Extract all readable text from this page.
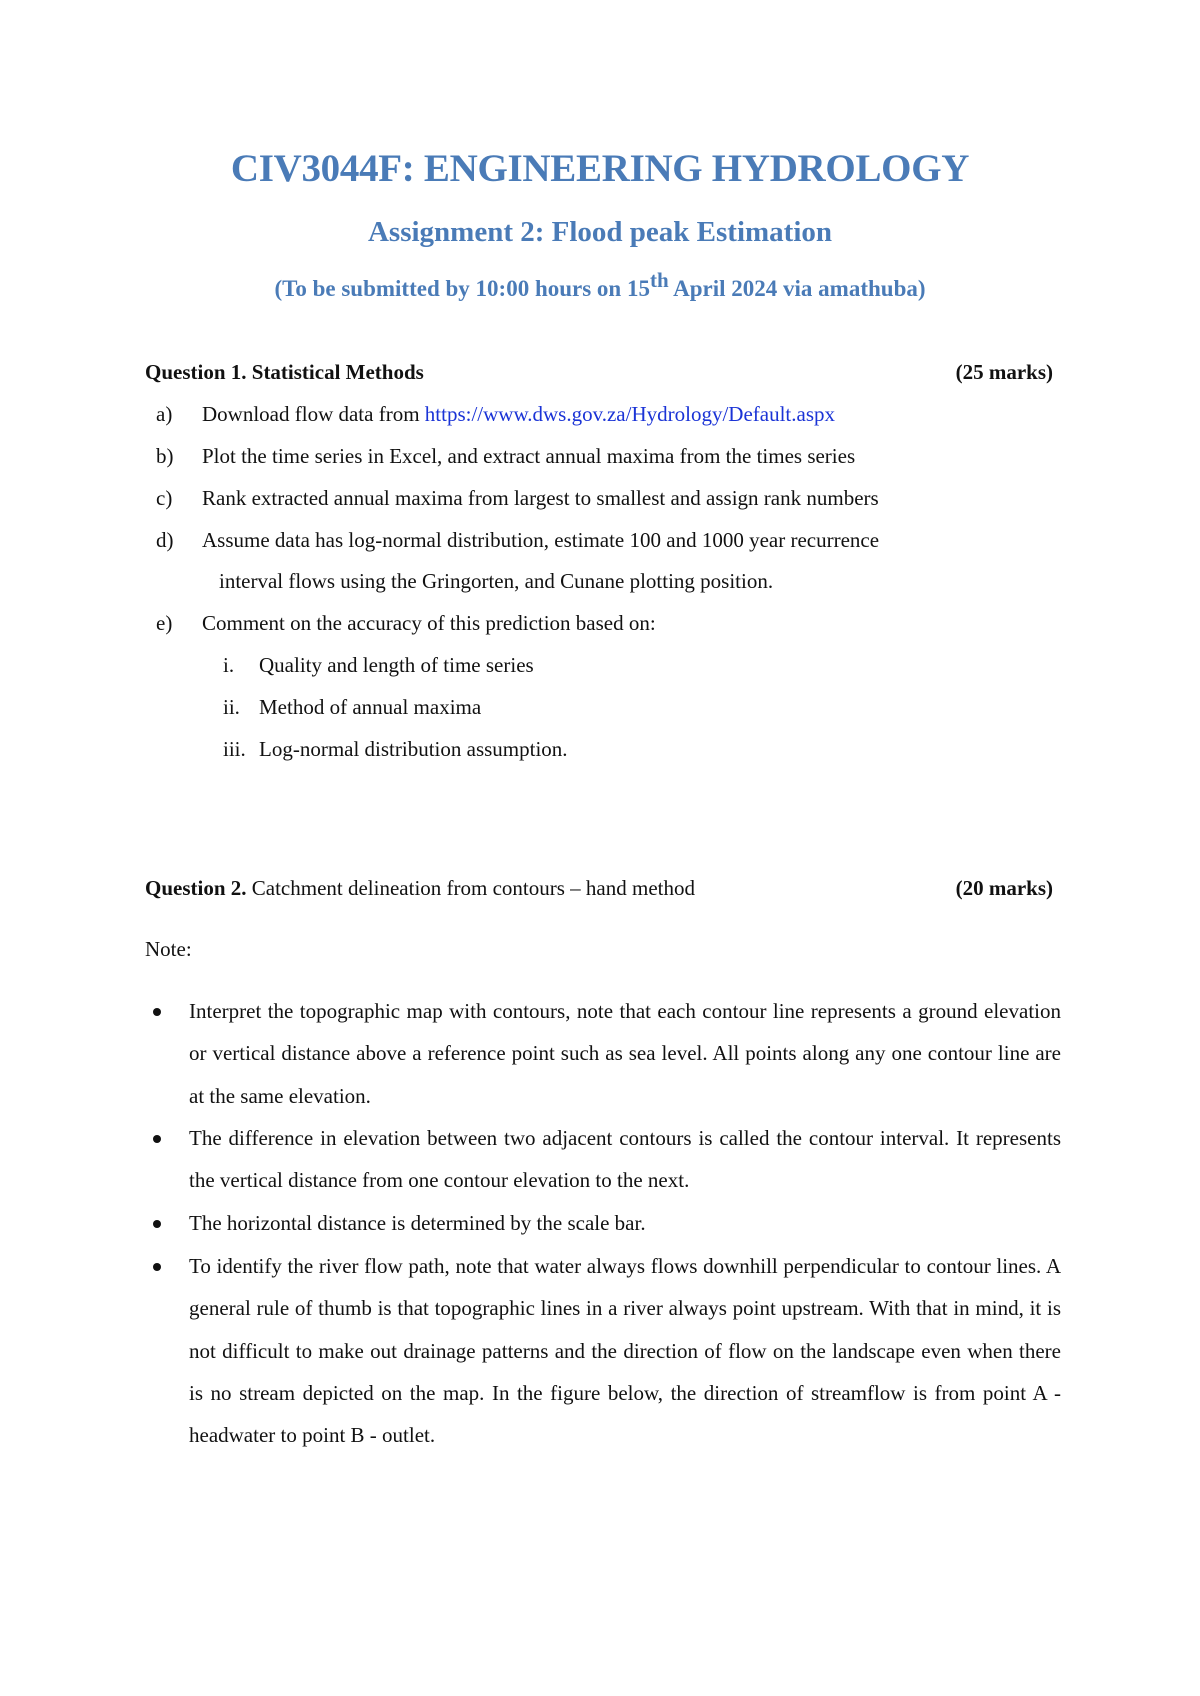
CIV3044F: ENGINEERING HYDROLOGY
Assignment 2: Flood peak Estimation
(To be submitted by 10:00 hours on 15th April 2024 via amathuba)
Question 1. Statistical Methods	(25 marks)
a) Download flow data from https://www.dws.gov.za/Hydrology/Default.aspx
b) Plot the time series in Excel, and extract annual maxima from the times series
c) Rank extracted annual maxima from largest to smallest and assign rank numbers
d) Assume data has log-normal distribution, estimate 100 and 1000 year recurrence
interval flows using the Gringorten, and Cunane plotting position.
e) Comment on the accuracy of this prediction based on:
i. Quality and length of time series
ii. Method of annual maxima
iii. Log-normal distribution assumption.
Question 2. Catchment delineation from contours – hand method	(20 marks)
Note:
Interpret the topographic map with contours, note that each contour line represents a ground elevation or vertical distance above a reference point such as sea level. All points along any one contour line are at the same elevation.
The difference in elevation between two adjacent contours is called the contour interval. It represents the vertical distance from one contour elevation to the next.
The horizontal distance is determined by the scale bar.
To identify the river flow path, note that water always flows downhill perpendicular to contour lines. A general rule of thumb is that topographic lines in a river always point upstream. With that in mind, it is not difficult to make out drainage patterns and the direction of flow on the landscape even when there is no stream depicted on the map. In the figure below, the direction of streamflow is from point A - headwater to point B - outlet.
